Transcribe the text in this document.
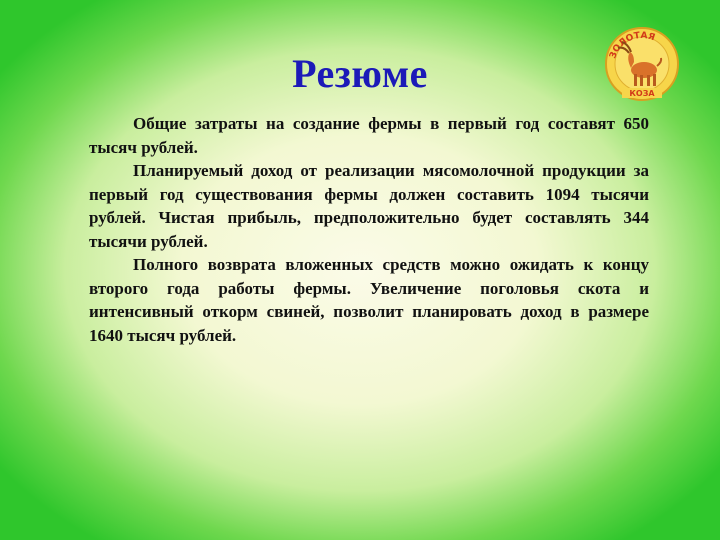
Резюме	ЗОЛОТАЯ
КОЗА

Общие затраты на создание фермы в первый год составят 650 тысяч рублей.

Планируемый доход от реализации мясомолочной продукции за первый год существования фермы должен составить 1094 тысячи рублей. Чистая прибыль, предположительно будет составлять 344 тысячи рублей.

Полного возврата вложенных средств можно ожидать к концу второго года работы фермы. Увеличение поголовья скота и интенсивный откорм свиней, позволит планировать доход в размере 1640 тысяч рублей.
